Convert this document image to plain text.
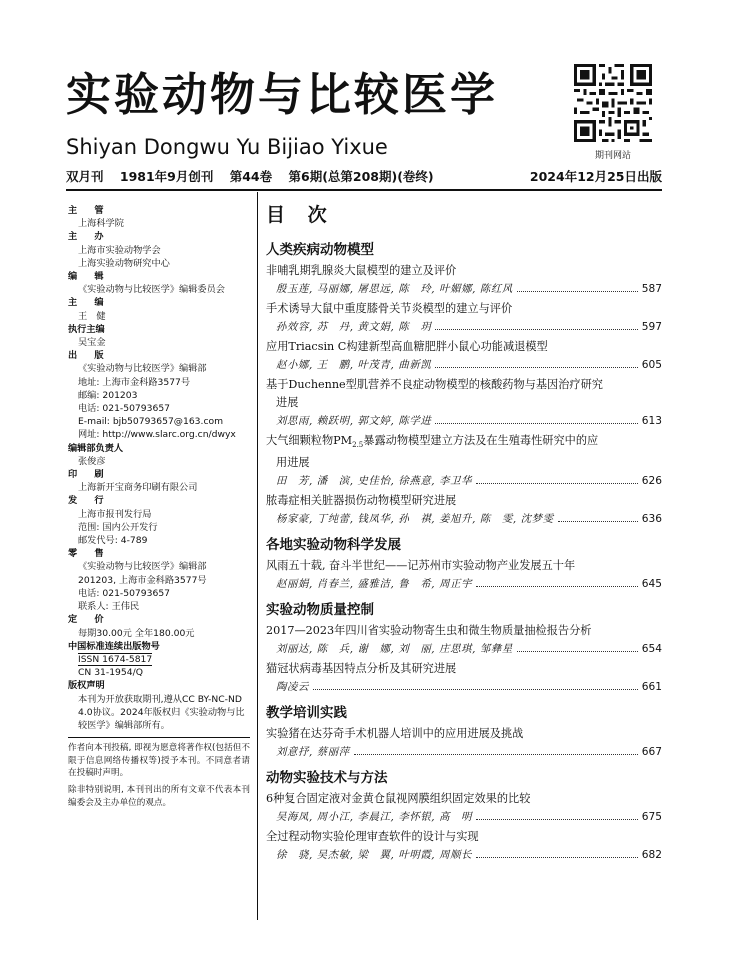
实验动物与比较医学
Shiyan Dongwu Yu Bijiao Yixue	期刊网站
双月刊 1981年9月创刊 第44卷 第6期(总第208期)(卷终)	2024年12月25日出版
主　管
上海科学院
主　办
上海市实验动物学会
上海实验动物研究中心
编　辑
《实验动物与比较医学》编辑委员会
主　编
王　健
执行主编
吴宝金
出　版
《实验动物与比较医学》编辑部
地址: 上海市金科路3577号
邮编: 201203
电话: 021-50793657
E-mail: bjb50793657@163.com
网址: http://www.slarc.org.cn/dwyx
编辑部负责人
张俊彦
印　刷
上海新开宝商务印刷有限公司
发　行
上海市报刊发行局
范围: 国内公开发行
邮发代号: 4-789
零　售
《实验动物与比较医学》编辑部
201203, 上海市金科路3577号
电话: 021-50793657
联系人: 王伟民
定　价
每期30.00元 全年180.00元
中国标准连续出版物号
ISSN 1674-5817
CN 31-1954/Q
版权声明
本刊为开放获取期刊,遵从CC BY-NC-ND 4.0协议。2024年版权归《实验动物与比较医学》编辑部所有。

作者向本刊投稿, 即视为愿意将著作权(包括但不限于信息网络传播权等)授予本刊。不同意者请在投稿时声明。

除非特别说明, 本刊刊出的所有文章不代表本刊编委会及主办单位的观点。

目 次
人类疾病动物模型
非哺乳期乳腺炎大鼠模型的建立及评价
殷玉莲, 马丽娜, 屠思远, 陈　玲, 叶媚娜, 陈红风	587
手术诱导大鼠中重度膝骨关节炎模型的建立与评价
孙效容, 苏　丹, 黄文娟, 陈　玥	597
应用Triacsin C构建新型高血糖肥胖小鼠心功能减退模型
赵小娜, 王　鹏, 叶茂青, 曲新凯	605
基于Duchenne型肌营养不良症动物模型的核酸药物与基因治疗研究
进展
刘思雨, 赖跃明, 郭文婷, 陈学进	613
大气细颗粒物$PM_{2.5}$暴露动物模型建立方法及在生殖毒性研究中的应
用进展
田　芳, 潘　滨, 史佳怡, 徐燕意, 李卫华	626
脓毒症相关脏器损伤动物模型研究进展
杨家豪, 丁纯蕾, 钱凤华, 孙　祺, 姜旭升, 陈　雯, 沈梦雯	636
各地实验动物科学发展
风雨五十载, 奋斗半世纪——记苏州市实验动物产业发展五十年
赵丽娟, 肖春兰, 盛雅洁, 鲁　希, 周正宇	645
实验动物质量控制
2017—2023年四川省实验动物寄生虫和微生物质量抽检报告分析
刘丽达, 陈　兵, 谢　娜, 刘　丽, 庄思琪, 邹彝星	654
猫冠状病毒基因特点分析及其研究进展
陶凌云	661
教学培训实践
实验猪在达芬奇手术机器人培训中的应用进展及挑战
刘意抒, 蔡丽萍	667
动物实验技术与方法
6种复合固定液对金黄仓鼠视网膜组织固定效果的比较
吴海凤, 周小江, 李晨江, 李怀银, 高　明	675
全过程动物实验伦理审查软件的设计与实现
徐　骁, 吴杰敏, 梁　翼, 叶明霞, 周顺长	682
